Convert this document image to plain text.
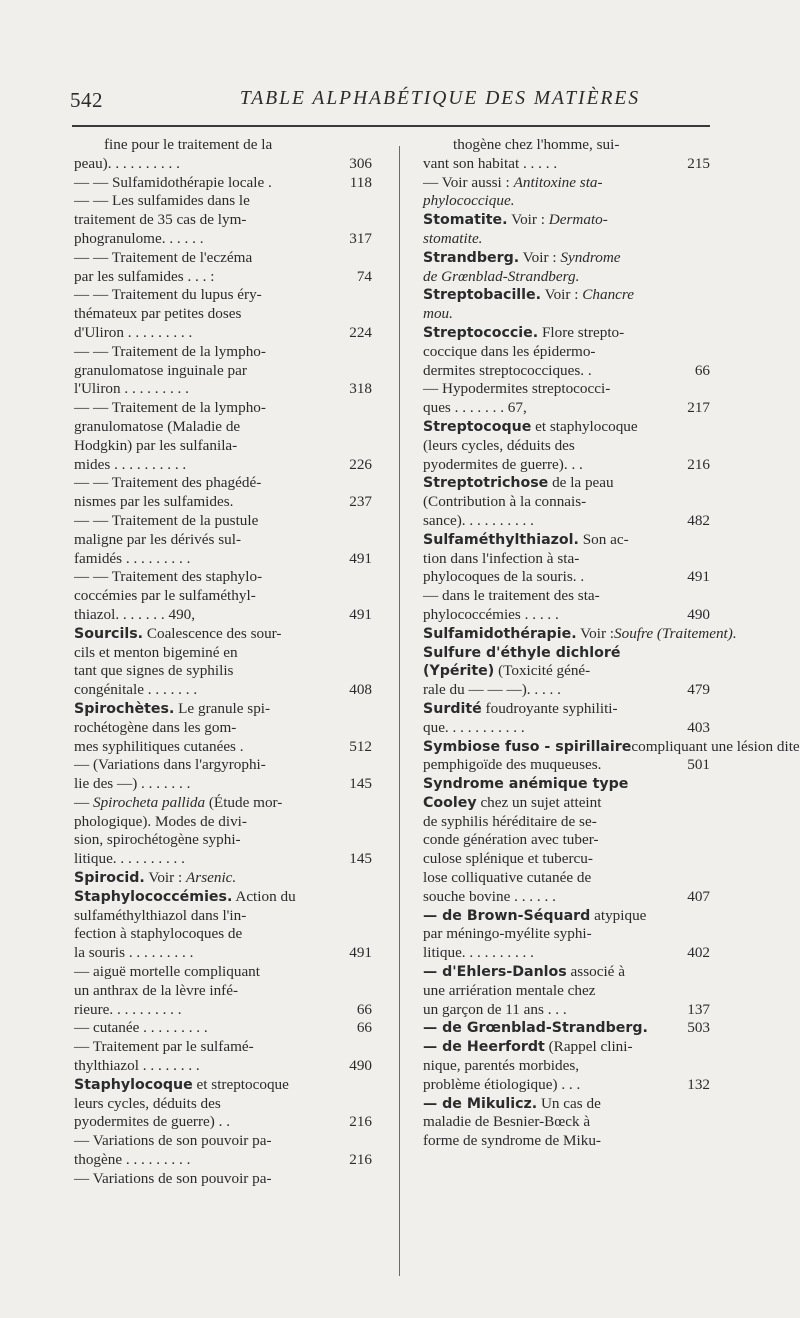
542	TABLE ALPHABÉTIQUE DES MATIÈRES
fine pour le traitement de la
peau). . . . . . . . . .	306
— — Sulfamidothérapie locale .	118
— — Les sulfamides dans le
traitement de 35 cas de lym-
phogranulome. . . . . .	317
— — Traitement de l'eczéma
par les sulfamides . . . :	74
— — Traitement du lupus éry-
thémateux par petites doses
d'Uliron . . . . . . . . .	224
— — Traitement de la lympho-
granulomatose inguinale par
l'Uliron . . . . . . . . .	318
— — Traitement de la lympho-
granulomatose (Maladie de
Hodgkin) par les sulfanila-
mides . . . . . . . . . .	226
— — Traitement des phagédé-
nismes par les sulfamides.	237
— — Traitement de la pustule
maligne par les dérivés sul-
famidés . . . . . . . . .	491
— — Traitement des staphylo-
coccémies par le sulfaméthyl-
thiazol. . . . . . . 490,	491
Sourcils. Coalescence des sour-
cils et menton bigeminé en
tant que signes de syphilis
congénitale . . . . . . .	408
Spirochètes. Le granule spi-
rochétogène dans les gom-
mes syphilitiques cutanées .	512
— (Variations dans l'argyrophi-
lie des —) . . . . . . .	145
— Spirocheta pallida (Étude mor-
phologique). Modes de divi-
sion, spirochétogène syphi-
litique. . . . . . . . . .	145
Spirocid. Voir : Arsenic.
Staphylococcémies. Action du
sulfaméthylthiazol dans l'in-
fection à staphylocoques de
la souris . . . . . . . . .	491
— aiguë mortelle compliquant
un anthrax de la lèvre infé-
rieure. . . . . . . . . .	66
— cutanée . . . . . . . . .	66
— Traitement par le sulfamé-
thylthiazol . . . . . . . .	490
Staphylocoque et streptocoque
leurs cycles, déduits des
pyodermites de guerre) . .	216
— Variations de son pouvoir pa-
thogène . . . . . . . . .	216
— Variations de son pouvoir pa-
thogène chez l'homme, sui-
vant son habitat . . . . .	215
— Voir aussi : Antitoxine sta-
phylococcique.
Stomatite. Voir : Dermato-
stomatite.
Strandberg. Voir : Syndrome
de Grœnblad-Strandberg.
Streptobacille. Voir : Chancre
mou.
Streptococcie. Flore strepto-
coccique dans les épidermo-
dermites streptococciques. .	66
— Hypodermites streptococci-
ques . . . . . . . 67,	217
Streptocoque et staphylocoque
(leurs cycles, déduits des
pyodermites de guerre). . .	216
Streptotrichose de la peau
(Contribution à la connais-
sance). . . . . . . . . .	482
Sulfaméthylthiazol. Son ac-
tion dans l'infection à sta-
phylocoques de la souris. .	491
— dans le traitement des sta-
phylococcémies . . . . .	490
Sulfamidothérapie. Voir :Soufre (Traitement).
Sulfure d'éthyle dichloré
(Ypérite) (Toxicité géné-
rale du — — —). . . . .	479
Surdité foudroyante syphiliti-
que. . . . . . . . . . .	403
Symbiose fuso - spirillairecompliquant une lésion dite
pemphigoïde des muqueuses.	501
Syndrome anémique type
Cooley chez un sujet atteint
de syphilis héréditaire de se-
conde génération avec tuber-
culose splénique et tubercu-
lose colliquative cutanée de
souche bovine . . . . . .	407
— de Brown-Séquard atypique
par méningo-myélite syphi-
litique. . . . . . . . . .	402
— d'Ehlers-Danlos associé à
une arriération mentale chez
un garçon de 11 ans . . .	137
— de Grœnblad-Strandberg.	503
— de Heerfordt (Rappel clini-
nique, parentés morbides,
problème étiologique) . . .	132
— de Mikulicz. Un cas de
maladie de Besnier-Bœck à
forme de syndrome de Miku-
